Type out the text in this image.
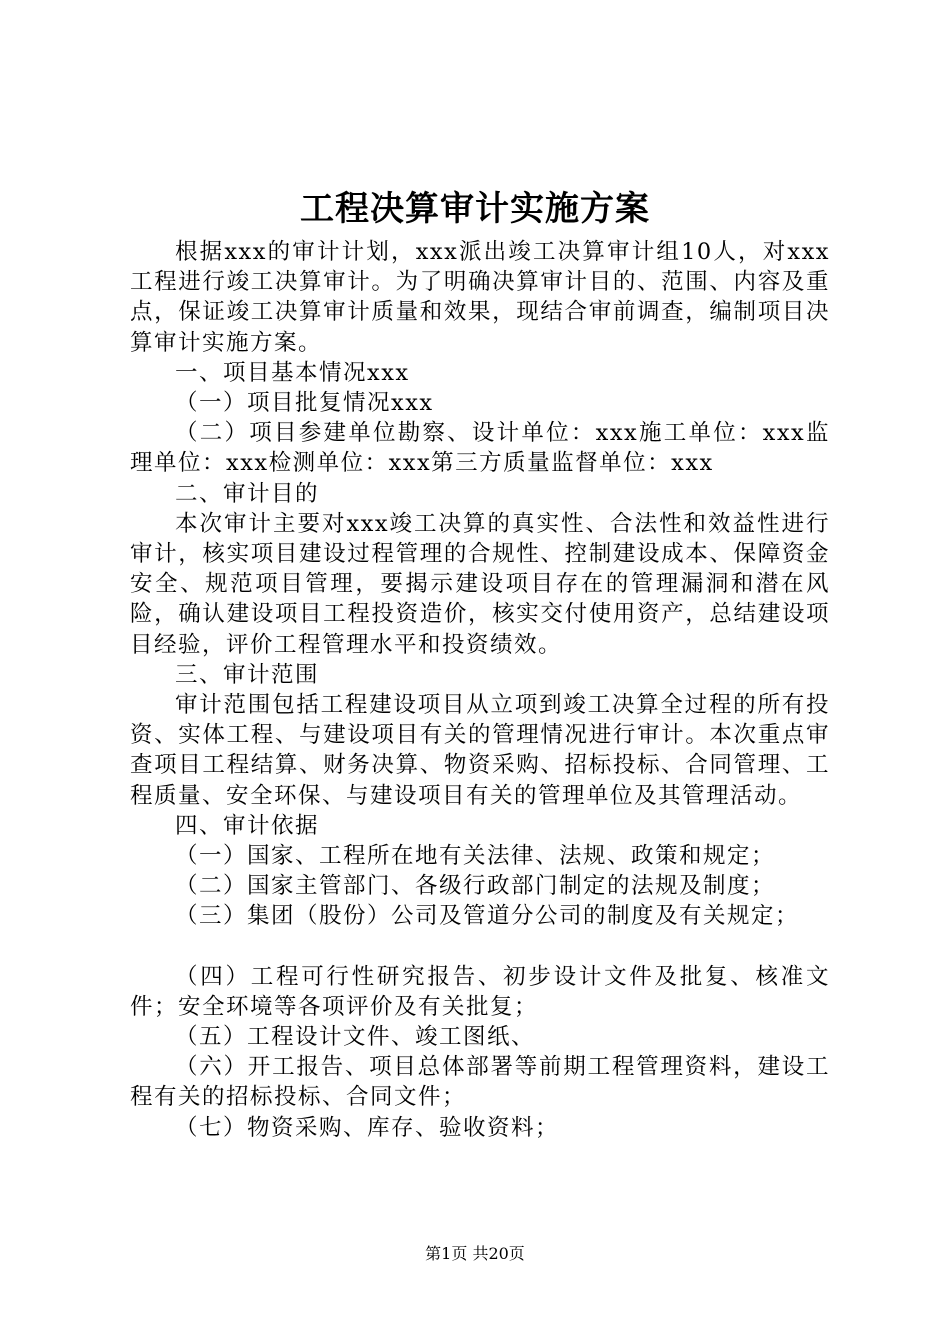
工程决算审计实施方案

根据xxx的审计计划，xxx派出竣工决算审计组10人，对xxx工程进行竣工决算审计。为了明确决算审计目的、范围、内容及重点，保证竣工决算审计质量和效果，现结合审前调查，编制项目决算审计实施方案。

一、项目基本情况xxx

（一）项目批复情况xxx

（二）项目参建单位勘察、设计单位：xxx施工单位：xxx监理单位：xxx检测单位：xxx第三方质量监督单位：xxx

二、审计目的

本次审计主要对xxx竣工决算的真实性、合法性和效益性进行审计，核实项目建设过程管理的合规性、控制建设成本、保障资金安全、规范项目管理，要揭示建设项目存在的管理漏洞和潜在风险，确认建设项目工程投资造价，核实交付使用资产，总结建设项目经验，评价工程管理水平和投资绩效。

三、审计范围

审计范围包括工程建设项目从立项到竣工决算全过程的所有投资、实体工程、与建设项目有关的管理情况进行审计。本次重点审查项目工程结算、财务决算、物资采购、招标投标、合同管理、工程质量、安全环保、与建设项目有关的管理单位及其管理活动。

四、审计依据

（一）国家、工程所在地有关法律、法规、政策和规定；

（二）国家主管部门、各级行政部门制定的法规及制度；

（三）集团（股份）公司及管道分公司的制度及有关规定；

（四）工程可行性研究报告、初步设计文件及批复、核准文件；安全环境等各项评价及有关批复；

（五）工程设计文件、竣工图纸、

（六）开工报告、项目总体部署等前期工程管理资料，建设工程有关的招标投标、合同文件；

（七）物资采购、库存、验收资料；

第1页 共20页
